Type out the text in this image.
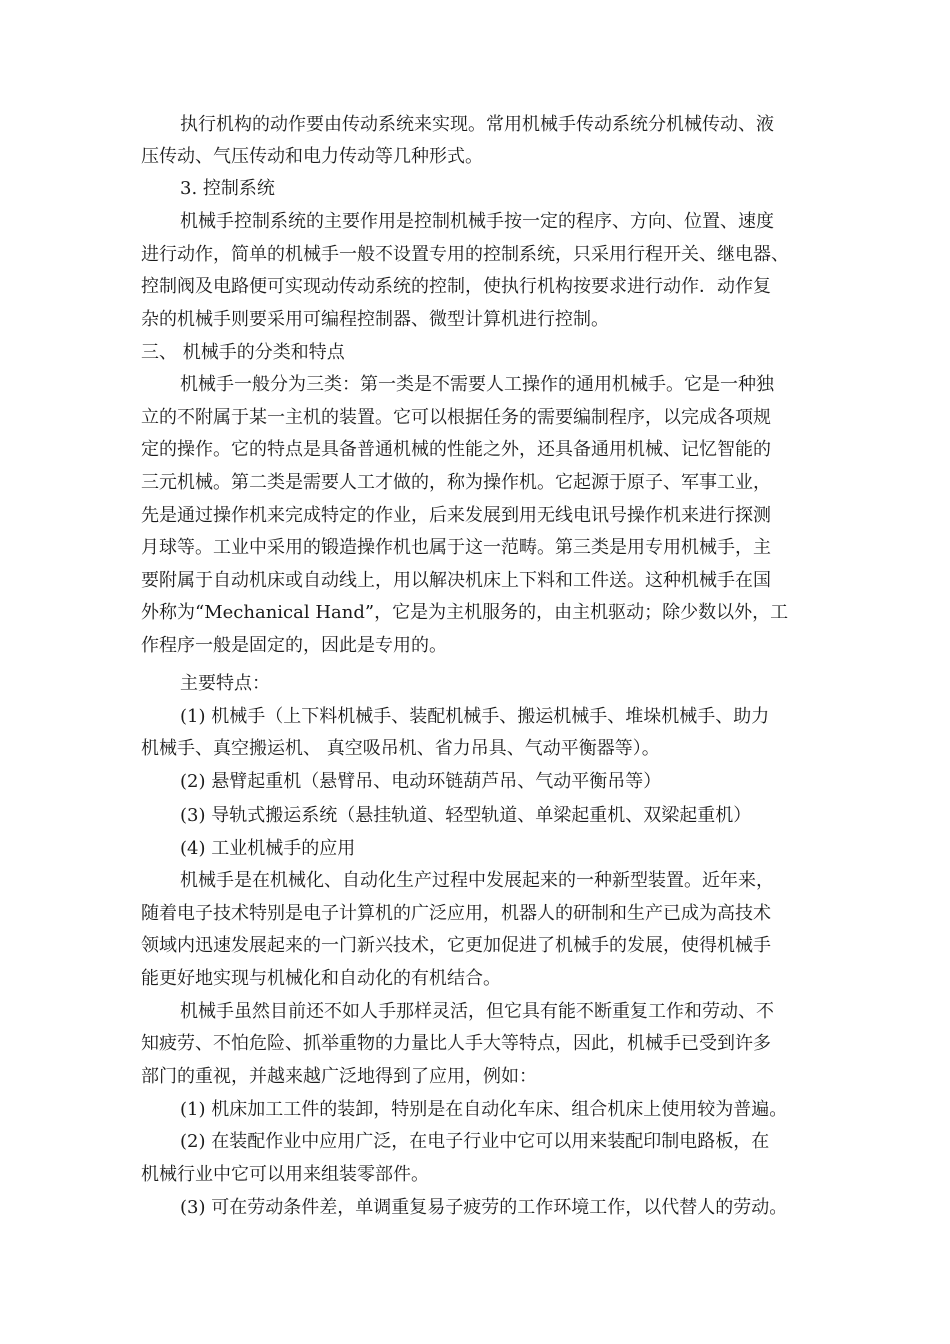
执行机构的动作要由传动系统来实现。常用机械手传动系统分机械传动、液

压传动、气压传动和电力传动等几种形式。

3. 控制系统

机械手控制系统的主要作用是控制机械手按一定的程序、方向、位置、速度

进行动作，简单的机械手一般不设置专用的控制系统，只采用行程开关、继电器、

控制阀及电路便可实现动传动系统的控制，使执行机构按要求进行动作．动作复

杂的机械手则要采用可编程控制器、微型计算机进行控制。

三、 机械手的分类和特点

机械手一般分为三类：第一类是不需要人工操作的通用机械手。它是一种独

立的不附属于某一主机的装置。它可以根据任务的需要编制程序，以完成各项规

定的操作。它的特点是具备普通机械的性能之外，还具备通用机械、记忆智能的

三元机械。第二类是需要人工才做的，称为操作机。它起源于原子、军事工业，

先是通过操作机来完成特定的作业，后来发展到用无线电讯号操作机来进行探测

月球等。工业中采用的锻造操作机也属于这一范畴。第三类是用专用机械手，主

要附属于自动机床或自动线上，用以解决机床上下料和工件送。这种机械手在国

外称为“Mechanical Hand”，它是为主机服务的，由主机驱动；除少数以外，工

作程序一般是固定的，因此是专用的。

主要特点：

(1) 机械手（上下料机械手、装配机械手、搬运机械手、堆垛机械手、助力

机械手、真空搬运机、 真空吸吊机、省力吊具、气动平衡器等）。

(2) 悬臂起重机（悬臂吊、电动环链葫芦吊、气动平衡吊等）

(3) 导轨式搬运系统（悬挂轨道、轻型轨道、单梁起重机、双梁起重机）

(4) 工业机械手的应用

机械手是在机械化、自动化生产过程中发展起来的一种新型装置。近年来，

随着电子技术特别是电子计算机的广泛应用，机器人的研制和生产已成为高技术

领域内迅速发展起来的一门新兴技术，它更加促进了机械手的发展，使得机械手

能更好地实现与机械化和自动化的有机结合。

机械手虽然目前还不如人手那样灵活，但它具有能不断重复工作和劳动、不

知疲劳、不怕危险、抓举重物的力量比人手大等特点，因此，机械手已受到许多

部门的重视，并越来越广泛地得到了应用，例如：

(1) 机床加工工件的装卸，特别是在自动化车床、组合机床上使用较为普遍。

(2) 在装配作业中应用广泛，在电子行业中它可以用来装配印制电路板，在

机械行业中它可以用来组装零部件。

(3) 可在劳动条件差，单调重复易子疲劳的工作环境工作，以代替人的劳动。
